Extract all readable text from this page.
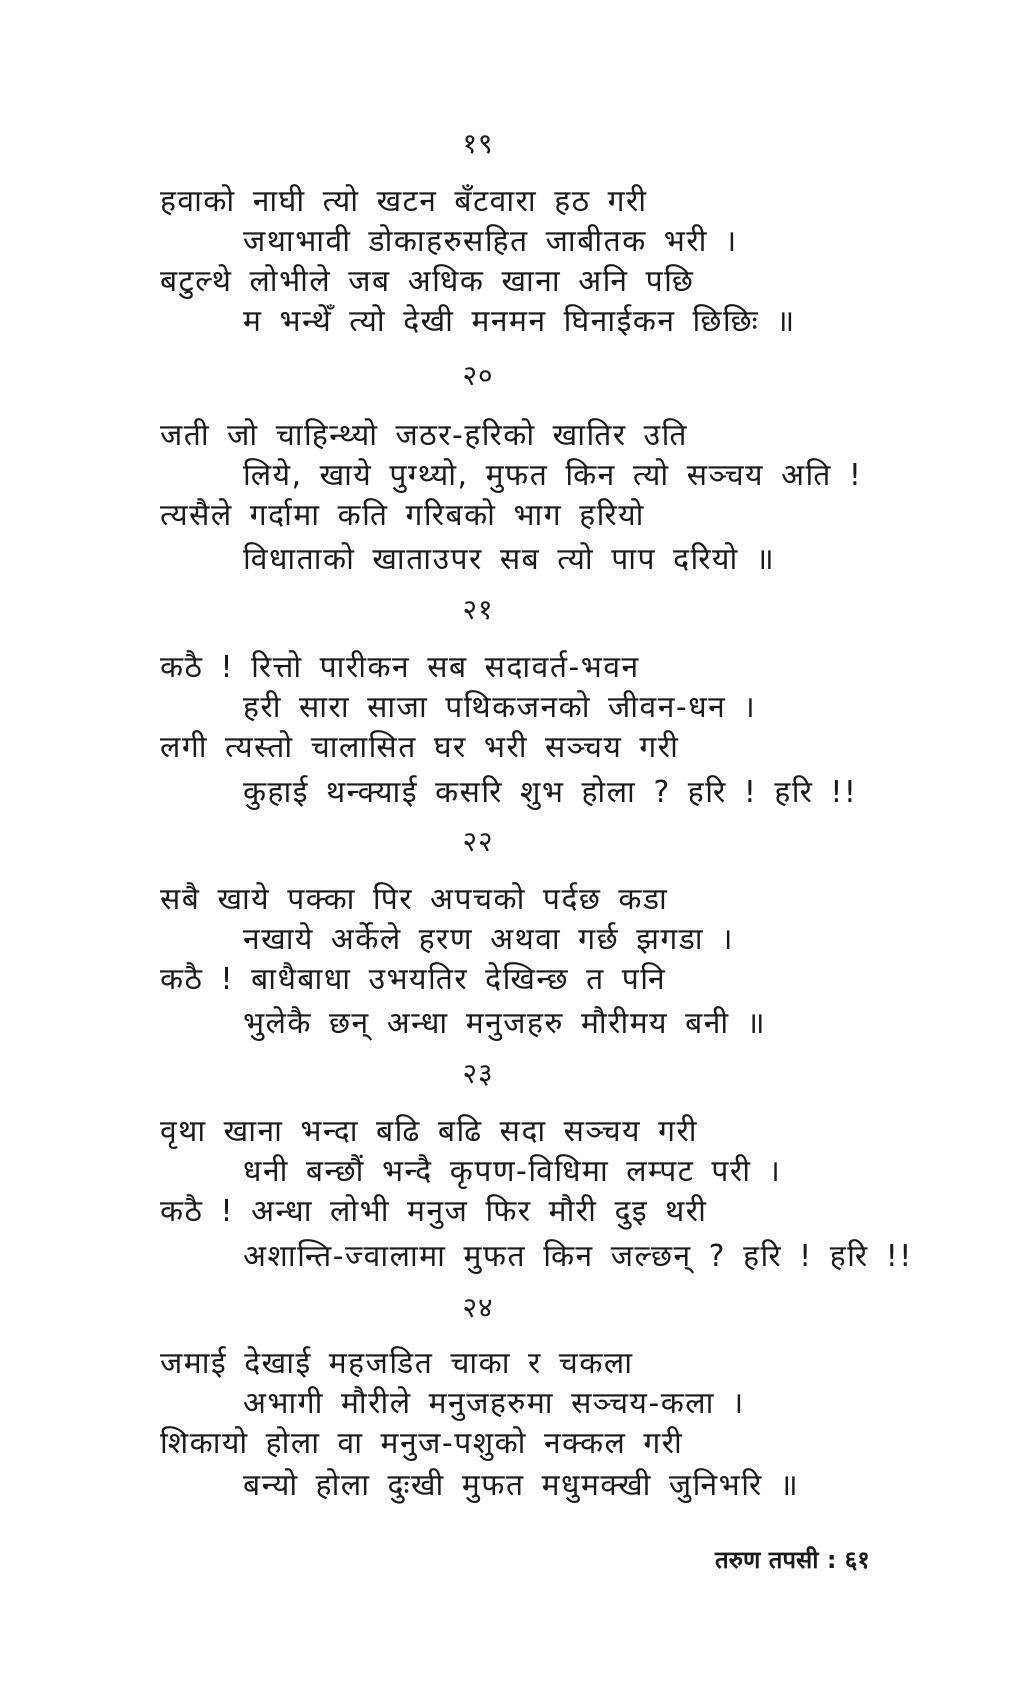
१९
हवाको नाघी त्यो खटन बँटवारा हठ गरी
जथाभावी डोकाहरुसहित जाबीतक भरी ।
बटुल्थे लोभीले जब अधिक खाना अनि पछि
म भन्थेँ त्यो देखी मनमन घिनाईकन छिछिः ॥
२०
जती जो चाहिन्थ्यो जठर-हरिको खातिर उति
लिये, खाये पुग्थ्यो, मुफत किन त्यो सञ्चय अति !
त्यसैले गर्दामा कति गरिबको भाग हरियो
विधाताको खाताउपर सब त्यो पाप दरियो ॥
२१
कठै ! रित्तो पारीकन सब सदावर्त-भवन
हरी सारा साजा पथिकजनको जीवन-धन ।
लगी त्यस्तो चालासित घर भरी सञ्चय गरी
कुहाई थन्क्याई कसरि शुभ होला ? हरि ! हरि !!
२२
सबै खाये पक्का पिर अपचको पर्दछ कडा
नखाये अर्केले हरण अथवा गर्छ झगडा ।
कठै ! बाधैबाधा उभयतिर देखिन्छ त पनि
भुलेकै छन् अन्धा मनुजहरु मौरीमय बनी ॥
२३
वृथा खाना भन्दा बढि बढि सदा सञ्चय गरी
धनी बन्छौं भन्दै कृपण-विधिमा लम्पट परी ।
कठै ! अन्धा लोभी मनुज फिर मौरी दुइ थरी
अशान्ति-ज्वालामा मुफत किन जल्छन् ? हरि ! हरि !!
२४
जमाई देखाई महजडित चाका र चकला
अभागी मौरीले मनुजहरुमा सञ्चय-कला ।
शिकायो होला वा मनुज-पशुको नक्कल गरी
बन्यो होला दुःखी मुफत मधुमक्खी जुनिभरि ॥
तरुण तपसी : ६१
